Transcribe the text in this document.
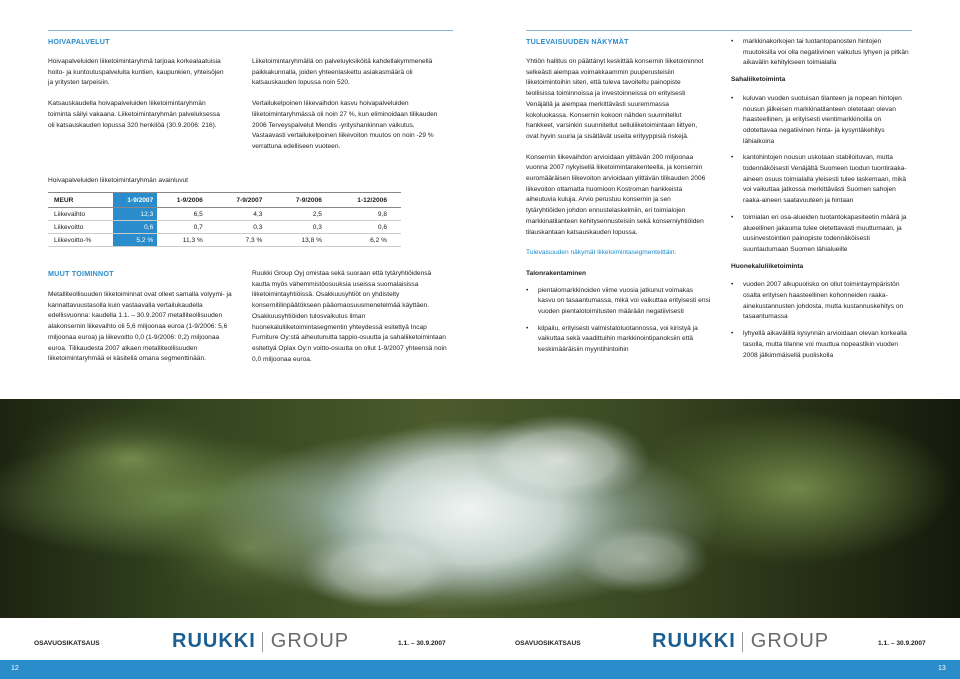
HOIVAPALVELUT

Hoivapalveluiden liiketoimintaryhmä tarjoaa korkealaatuisia hoito- ja kuntoutuspalveluita kuntien, kaupunkien, yhteisöjen ja yritysten tarpeisiin.

Katsauskaudella hoivapalveluiden liiketoimintaryhmän toiminta säilyi vakaana. Liiketoimintaryhmän palveluksessa oli katsauskauden lopussa 320 henkilöä (30.9.2006: 216).

Liiketoimintaryhmällä on palveluyksiköitä kahdellakymmenellä paikkakunnalla, joiden yhteenlaskettu asiakasmäärä oli katsauskauden lopussa noin 520.

Vertailukelpoinen liikevaihdon kasvu hoivapalveluiden liiketoimintaryhmässä oli noin 27 %, kun eliminoidaan tilikauden 2006 Terveyspalvelut Mendis -yrityshankinnan vaikutus. Vastaavasti vertailukelpoinen liikevoiton muutos on noin -29 % verrattuna edelliseen vuoteen.

Hoivapalveluiden liiketoimintaryhmän avainluvut
MEUR	1-9/2007	1-9/2006	7-9/2007	7-9/2006	1-12/2006
Liikevaihto	12,3	6,5	4,3	2,5	9,8
Liikevoitto	0,6	0,7	0,3	0,3	0,6
Liikevoitto-%	5,2 %	11,3 %	7,3 %	13,8 %	6,2 %
MUUT TOIMINNOT

Metalliteollisuuden liiketoiminnat ovat olleet samalla volyymi- ja kannattavuustasolla kuin vastaavalla vertailukaudella edellisvuonna: kaudella 1.1. – 30.9.2007 metalliteollisuuden alakonsernin liikevaihto oli 5,6 miljoonaa euroa (1-9/2006: 5,6 miljoonaa euroa) ja liikevoitto 0,0 (1-9/2006: 0,2) miljoonaa euroa. Tilikaudesta 2007 alkaen metalliteollisuuden liiketoimintaryhmää ei käsitellä omana segmenttinään.

Ruukki Group Oyj omistaa sekä suoraan että tytäryhtiöidensä kautta myös vähemmistöosuuksia useissa suomalaisissa liiketoimintayhtiöissä. Osakkuusyhtiöt on yhdistelty konsernitilinpäätökseen pääomaosuusmenetelmää käyttäen. Osakkuusyhtiöiden tulosvaikutus ilman huonekaluliiketoimintasegmentin yhteydessä esitettyä Incap Furniture Oy:stä aiheutunutta tappio-osuutta ja sahaliiketoimintaan esitettyä Oplax Oy:n voitto-osuutta on ollut 1-9/2007 yhteensä noin 0,0 miljoonaa euroa.

TULEVAISUUDEN NÄKYMÄT

Yhtiön hallitus on päättänyt keskittää konsernin liiketoiminnot selkeästi aiempaa voimakkaammin puuperusteisiin liiketoimintoihin siten, että tuleva tavoiteltu painopiste teollisissa toiminnoissa ja investoinneissa on erityisesti Venäjällä ja aiempaa merkittävästi suuremmassa kokoluokassa. Konsernin kokoon nähden suunnitellut hankkeet, varsinkin suunnitellut selluliiketoimintaan liittyen, ovat hyvin suuria ja sisältävät useita erityyppisiä riskejä.

Konsernin liikevaihdon arvioidaan ylittävän 200 miljoonaa vuonna 2007 nykyisellä liiketoimintarakenteella, ja konsernin euromääräisen liikevoiton arvioidaan ylittävän tilikauden 2006 liikevoiton ottamatta huomioon Kostroman hankkeista aiheutuvia kuluja. Arvio perustuu konsernin ja sen tytäryhtiöiden johdon ennustelaskelmiin, eri toimialojen markkinatilanteen kehitysennusteisiin sekä konserniyhtiöiden tilauskantaan katsauskauden lopussa.

Tulevaisuuden näkymät liiketoimintasegmenteittäin:

Talonrakentaminen

• pientalomarkkinoiden viime vuosia jatkunut voimakas kasvu on tasaantumassa, mikä voi vaikuttaa erityisesti ensi vuoden pientalotoimitusten määrään negatiivisesti
• kilpailu, erityisesti valmistalotuotannossa, voi kiristyä ja vaikuttaa sekä vaadittuihin markkinointipanoksiin että keskimääräisiin myyntihintoihin
• markkinakorkojen tai tuotantopanosten hintojen muutoksilla voi olla negatiivinen vaikutus lyhyen ja pitkän aikavälin kehitykseen toimialalla

Sahaliiketoiminta

• kuluvan vuoden suotuisan tilanteen ja nopean hintojen nousun jälkeisen markkinatilanteen oletetaan olevan haasteellinen, ja erityisesti vientimarkkinoilla on odotettavaa negatiivinen hinta- ja kysyntäkehitys lähiaikoina
• kantohintojen nousun uskotaan stabiloituvan, mutta todennäköisesti Venäjältä Suomeen tuodun tuontiraaka-aineen osuus toimialalla yleisesti tulee laskemaan, mikä voi vaikuttaa jatkossa merkittävästi Suomen sahojen raaka-aineen saatavuuteen ja hintaan
• toimialan eri osa-alueiden tuotantokapasiteetin määrä ja alueellinen jakauma tulee oletettavasti muuttumaan, ja uusinvestointien painopiste todennäköisesti suuntautumaan Suomen lähialueille

Huonekaluliiketoiminta

• vuoden 2007 alkupuolisko on ollut toimintaympäristön osalta erityisen haasteellinen kohonneiden raaka-ainekustannusten johdosta, mutta kustannuskehitys on tasaantumassa
• lyhyellä aikavälillä kysynnän arvioidaan olevan korkealla tasolla, mutta tilanne voi muuttua nopeastikin vuoden 2008 jälkimmäisellä puoliskolla
OSAVUOSIKATSAUS	RUUKKI GROUP	1.1. – 30.9.2007	OSAVUOSIKATSAUS	RUUKKI GROUP	1.1. – 30.9.2007
12	13
